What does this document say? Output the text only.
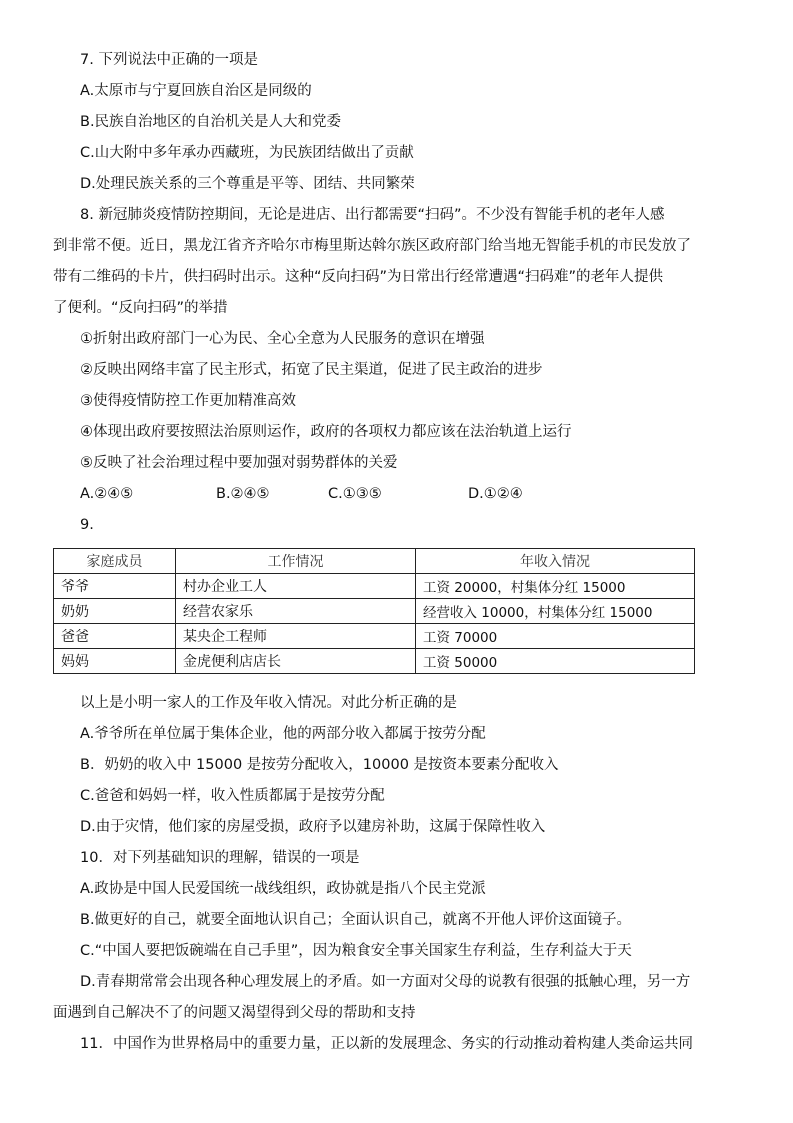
7. 下列说法中正确的一项是
A.太原市与宁夏回族自治区是同级的
B.民族自治地区的自治机关是人大和党委
C.山大附中多年承办西藏班，为民族团结做出了贡献
D.处理民族关系的三个尊重是平等、团结、共同繁荣
8. 新冠肺炎疫情防控期间，无论是进店、出行都需要“扫码”。不少没有智能手机的老年人感
到非常不便。近日，黑龙江省齐齐哈尔市梅里斯达斡尔族区政府部门给当地无智能手机的市民发放了
带有二维码的卡片，供扫码时出示。这种“反向扫码”为日常出行经常遭遇“扫码难”的老年人提供
了便利。“反向扫码”的举措
①折射出政府部门一心为民、全心全意为人民服务的意识在增强
②反映出网络丰富了民主形式，拓宽了民主渠道，促进了民主政治的进步
③使得疫情防控工作更加精准高效
④体现出政府要按照法治原则运作，政府的各项权力都应该在法治轨道上运行
⑤反映了社会治理过程中要加强对弱势群体的关爱
A.②④⑤	B.②④⑤	C.①③⑤	D.①②④
9.
家庭成员	工作情况	年收入情况
爷爷	村办企业工人	工资 20000，村集体分红 15000
奶奶	经营农家乐	经营收入 10000，村集体分红 15000
爸爸	某央企工程师	工资 70000
妈妈	金虎便利店店长	工资 50000
以上是小明一家人的工作及年收入情况。对此分析正确的是
A.爷爷所在单位属于集体企业，他的两部分收入都属于按劳分配
B．奶奶的收入中 15000 是按劳分配收入，10000 是按资本要素分配收入
C.爸爸和妈妈一样，收入性质都属于是按劳分配
D.由于灾情，他们家的房屋受损，政府予以建房补助，这属于保障性收入
10．对下列基础知识的理解，错误的一项是
A.政协是中国人民爱国统一战线组织，政协就是指八个民主党派
B.做更好的自己，就要全面地认识自己；全面认识自己，就离不开他人评价这面镜子。
C.“中国人要把饭碗端在自己手里”，因为粮食安全事关国家生存利益，生存利益大于天
D.青春期常常会出现各种心理发展上的矛盾。如一方面对父母的说教有很强的抵触心理，另一方
面遇到自己解决不了的问题又渴望得到父母的帮助和支持
11．中国作为世界格局中的重要力量，正以新的发展理念、务实的行动推动着构建人类命运共同
